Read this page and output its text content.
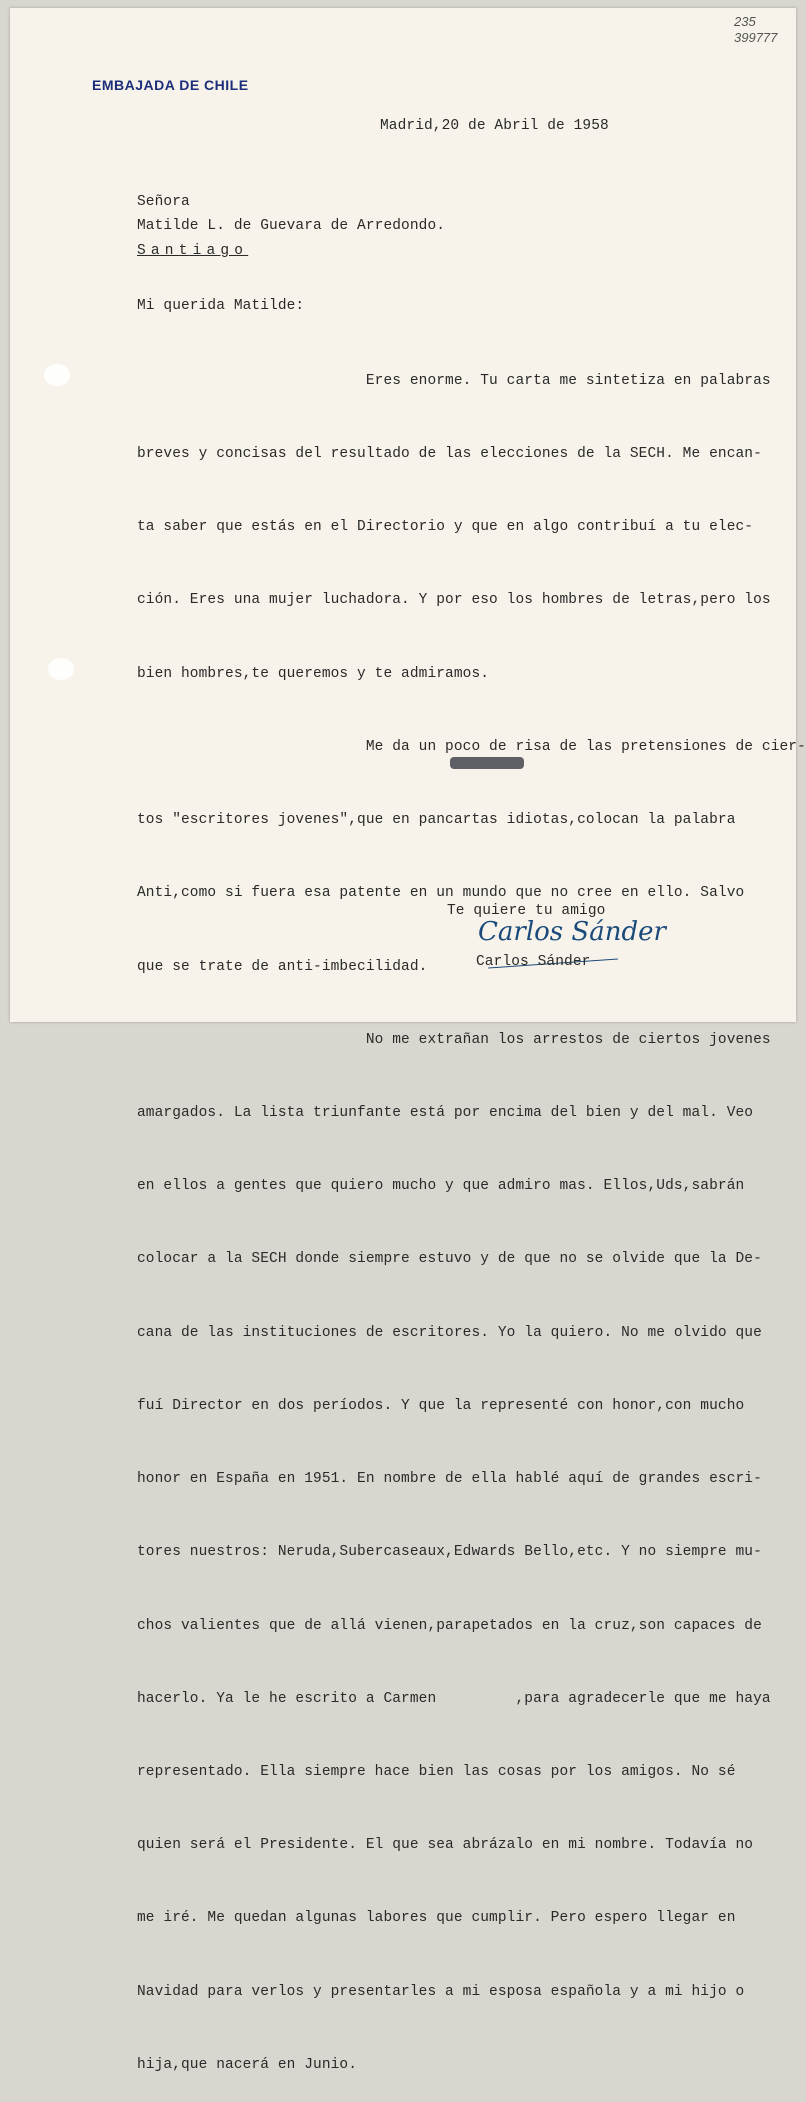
235
399777
EMBAJADA DE CHILE
Madrid,20 de Abril de 1958
Señora
Matilde L. de Guevara de Arredondo.
Santiago
Mi querida Matilde:

Eres enorme. Tu carta me sintetiza en palabras

breves y concisas del resultado de las elecciones de la SECH. Me encan-

ta saber que estás en el Directorio y que en algo contribuí a tu elec-

ción. Eres una mujer luchadora. Y por eso los hombres de letras,pero los

bien hombres,te queremos y te admiramos.

Me da un poco de risa de las pretensiones de cier-

tos "escritores jovenes",que en pancartas idiotas,colocan la palabra

Anti,como si fuera esa patente en un mundo que no cree en ello. Salvo

que se trate de anti-imbecilidad.

No me extrañan los arrestos de ciertos jovenes

amargados. La lista triunfante está por encima del bien y del mal. Veo

en ellos a gentes que quiero mucho y que admiro mas. Ellos,Uds,sabrán

colocar a la SECH donde siempre estuvo y de que no se olvide que la De-

cana de las instituciones de escritores. Yo la quiero. No me olvido que

fuí Director en dos períodos. Y que la representé con honor,con mucho

honor en España en 1951. En nombre de ella hablé aquí de grandes escri-

tores nuestros: Neruda,Subercaseaux,Edwards Bello,etc. Y no siempre mu-

chos valientes que de allá vienen,parapetados en la cruz,son capaces de

hacerlo. Ya le he escrito a Carmen         ,para agradecerle que me haya

representado. Ella siempre hace bien las cosas por los amigos. No sé

quien será el Presidente. El que sea abrázalo en mi nombre. Todavía no

me iré. Me quedan algunas labores que cumplir. Pero espero llegar en

Navidad para verlos y presentarles a mi esposa española y a mi hijo o

hija,que nacerá en Junio.

Te quiere tu amigo
Carlos Sánder
Carlos Sánder
